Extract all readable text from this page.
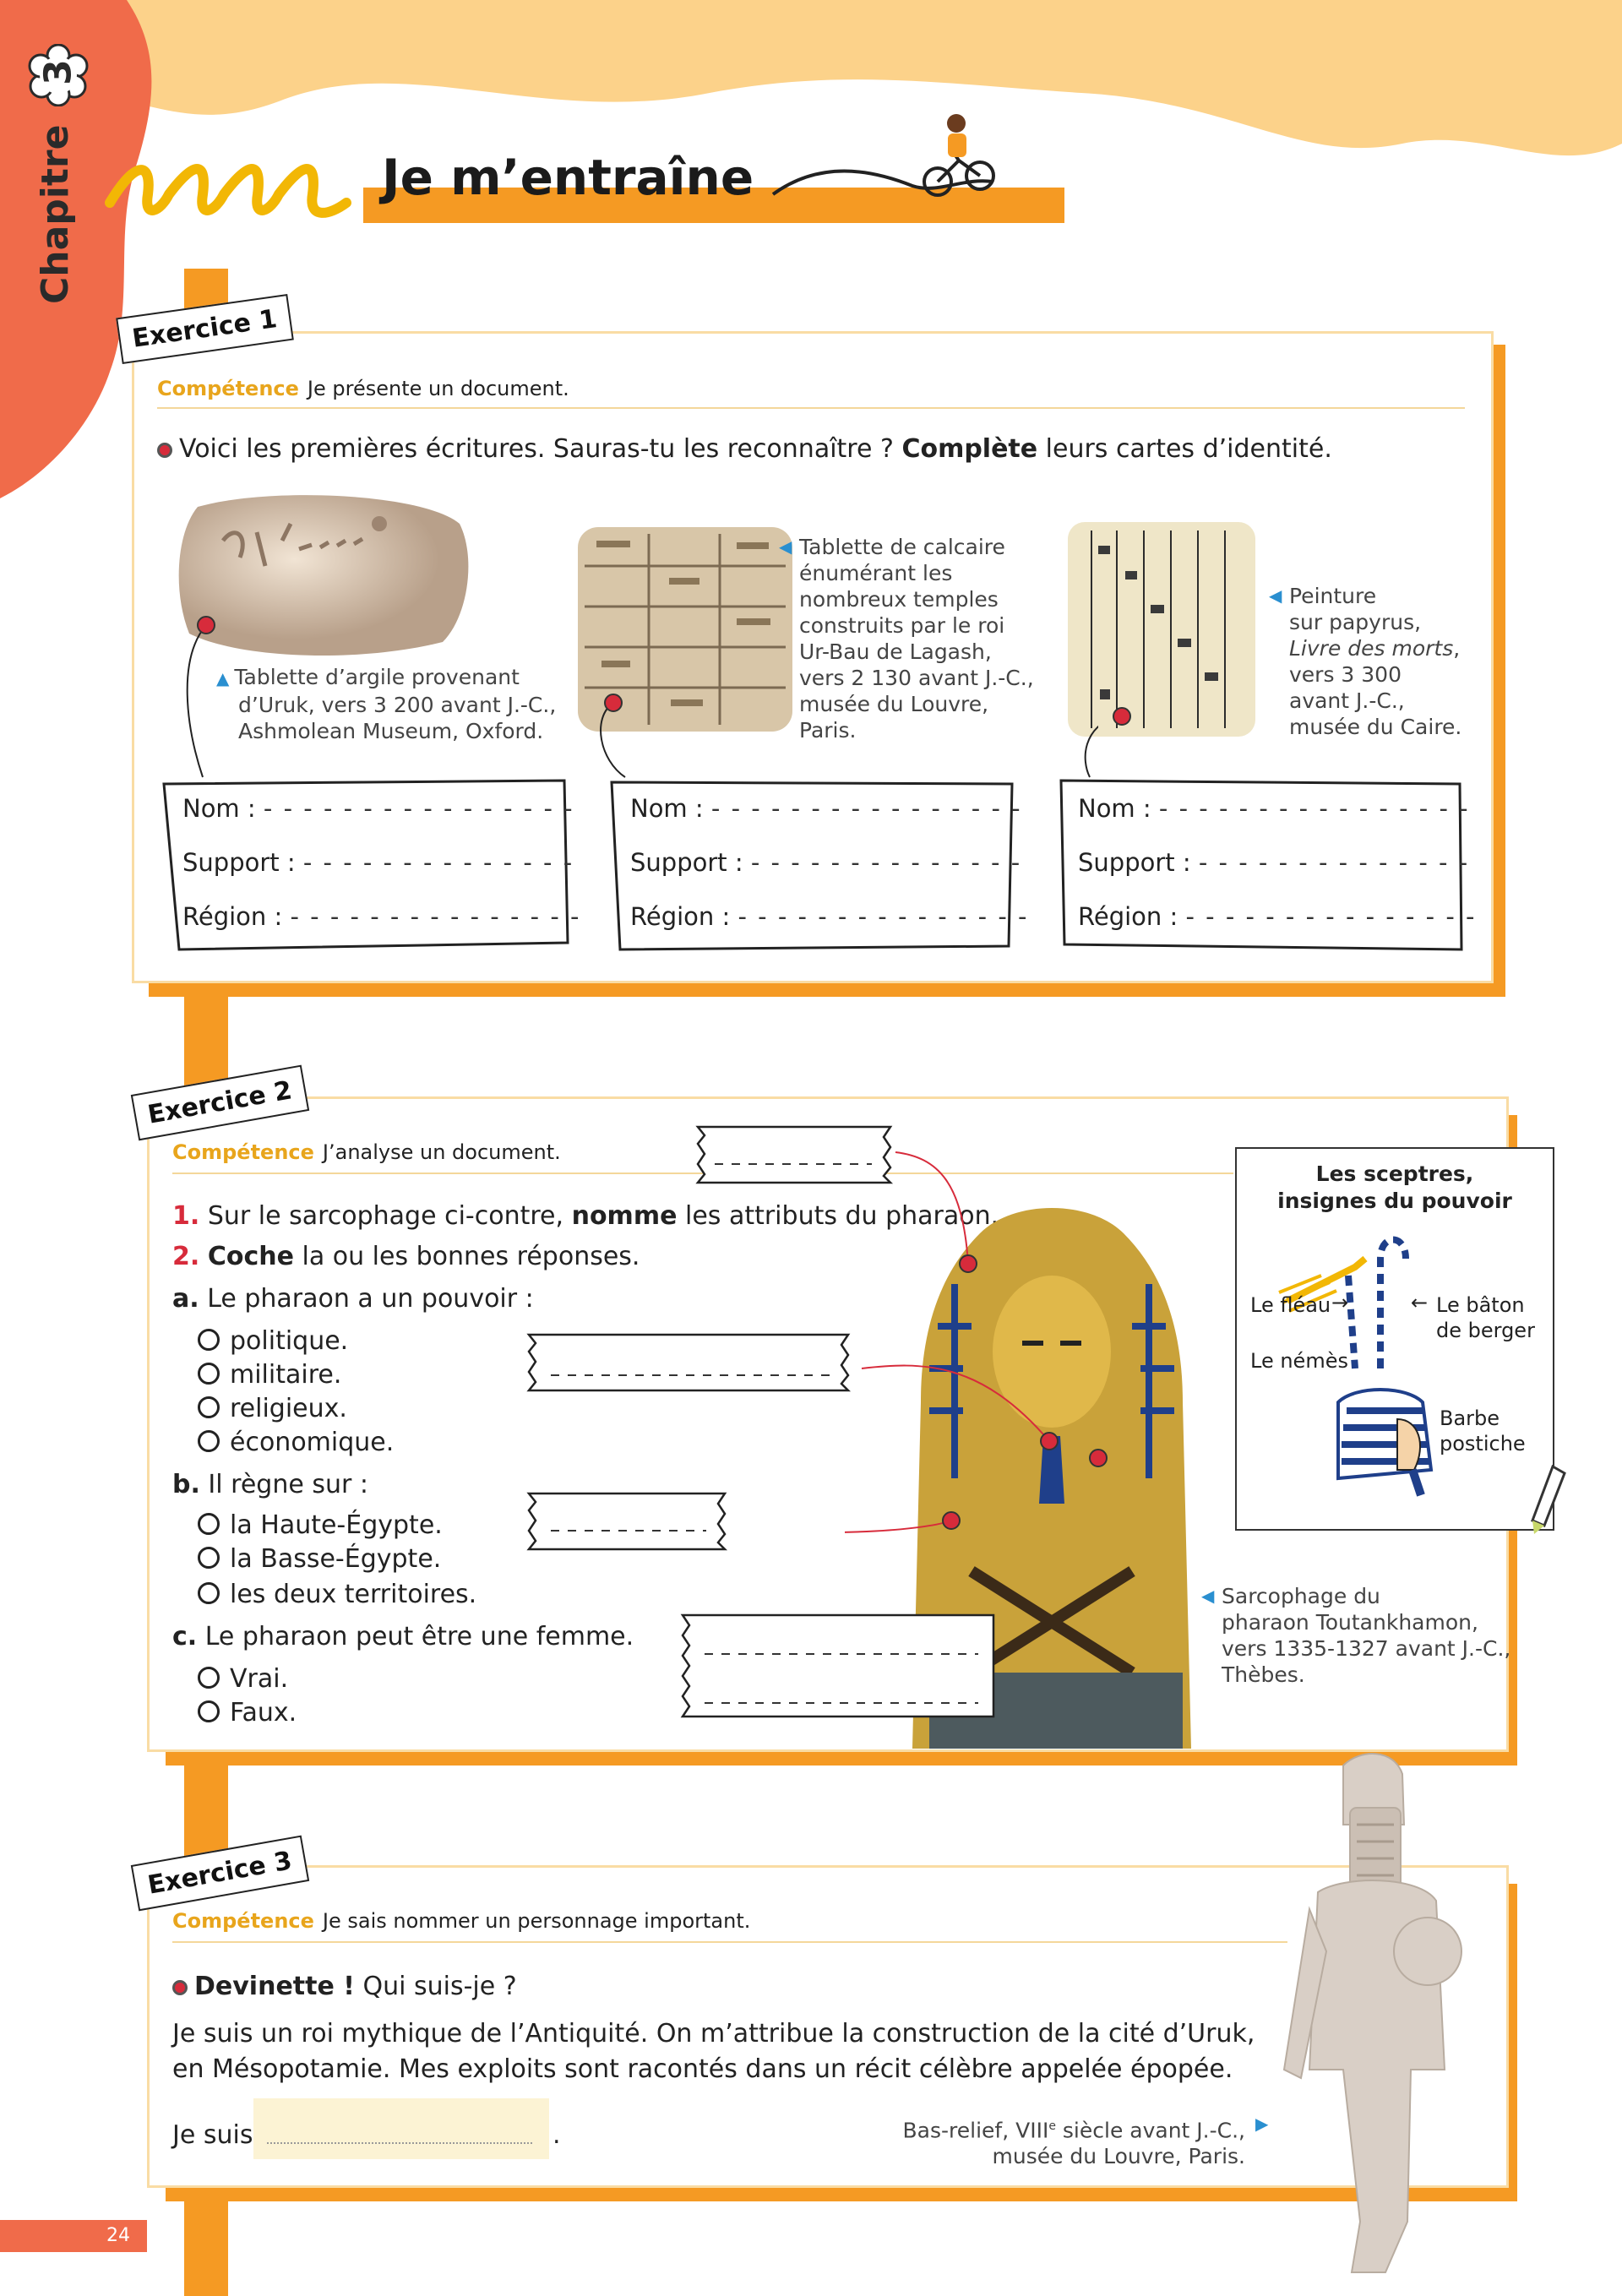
Chapitre
3
Je m’entraîne
Exercice 1
Compétence Je présente un document.
Voici les premières écritures. Sauras-tu les reconnaître ? Complète leurs cartes d’identité.
▲ Tablette d’argile provenant
d’Uruk, vers 3 200 avant J.-C.,
Ashmolean Museum, Oxford.
◀ Tablette de calcaire
énumérant les
nombreux temples
construits par le roi
Ur-Bau de Lagash,
vers 2 130 avant J.-C.,
musée du Louvre,
Paris.
◀ Peinture
sur papyrus,
Livre des morts,
vers 3 300
avant J.-C.,
musée du Caire.
Nom : - - - - - - - - - - - - - - - -
Support : - - - - - - - - - - - - - -
Région : - - - - - - - - - - - - - - -
Nom : - - - - - - - - - - - - - - - -
Support : - - - - - - - - - - - - - -
Région : - - - - - - - - - - - - - - -
Nom : - - - - - - - - - - - - - - - -
Support : - - - - - - - - - - - - - -
Région : - - - - - - - - - - - - - - -
Exercice 2
Compétence J’analyse un document.
1. Sur le sarcophage ci-contre, nomme les attributs du pharaon.
2. Coche la ou les bonnes réponses.
a. Le pharaon a un pouvoir :
politique.
militaire.
religieux.
économique.
b. Il règne sur :
la Haute-Égypte.
la Basse-Égypte.
les deux territoires.
c. Le pharaon peut être une femme.
Vrai.
Faux.
Les sceptres,
insignes du pouvoir
Le fléau →	← Le bâton
de berger
Le némès
Barbe
postiche
◀ Sarcophage du
pharaon Toutankhamon,
vers 1335-1327 avant J.-C.,
Thèbes.
Exercice 3
Compétence Je sais nommer un personnage important.
Devinette ! Qui suis-je ?
Je suis un roi mythique de l’Antiquité. On m’attribue la construction de la cité d’Uruk,
en Mésopotamie. Mes exploits sont racontés dans un récit célèbre appelée épopée.
Je suis	.	Bas-relief, VIIIe siècle avant J.-C.,
musée du Louvre, Paris.
▶
24
